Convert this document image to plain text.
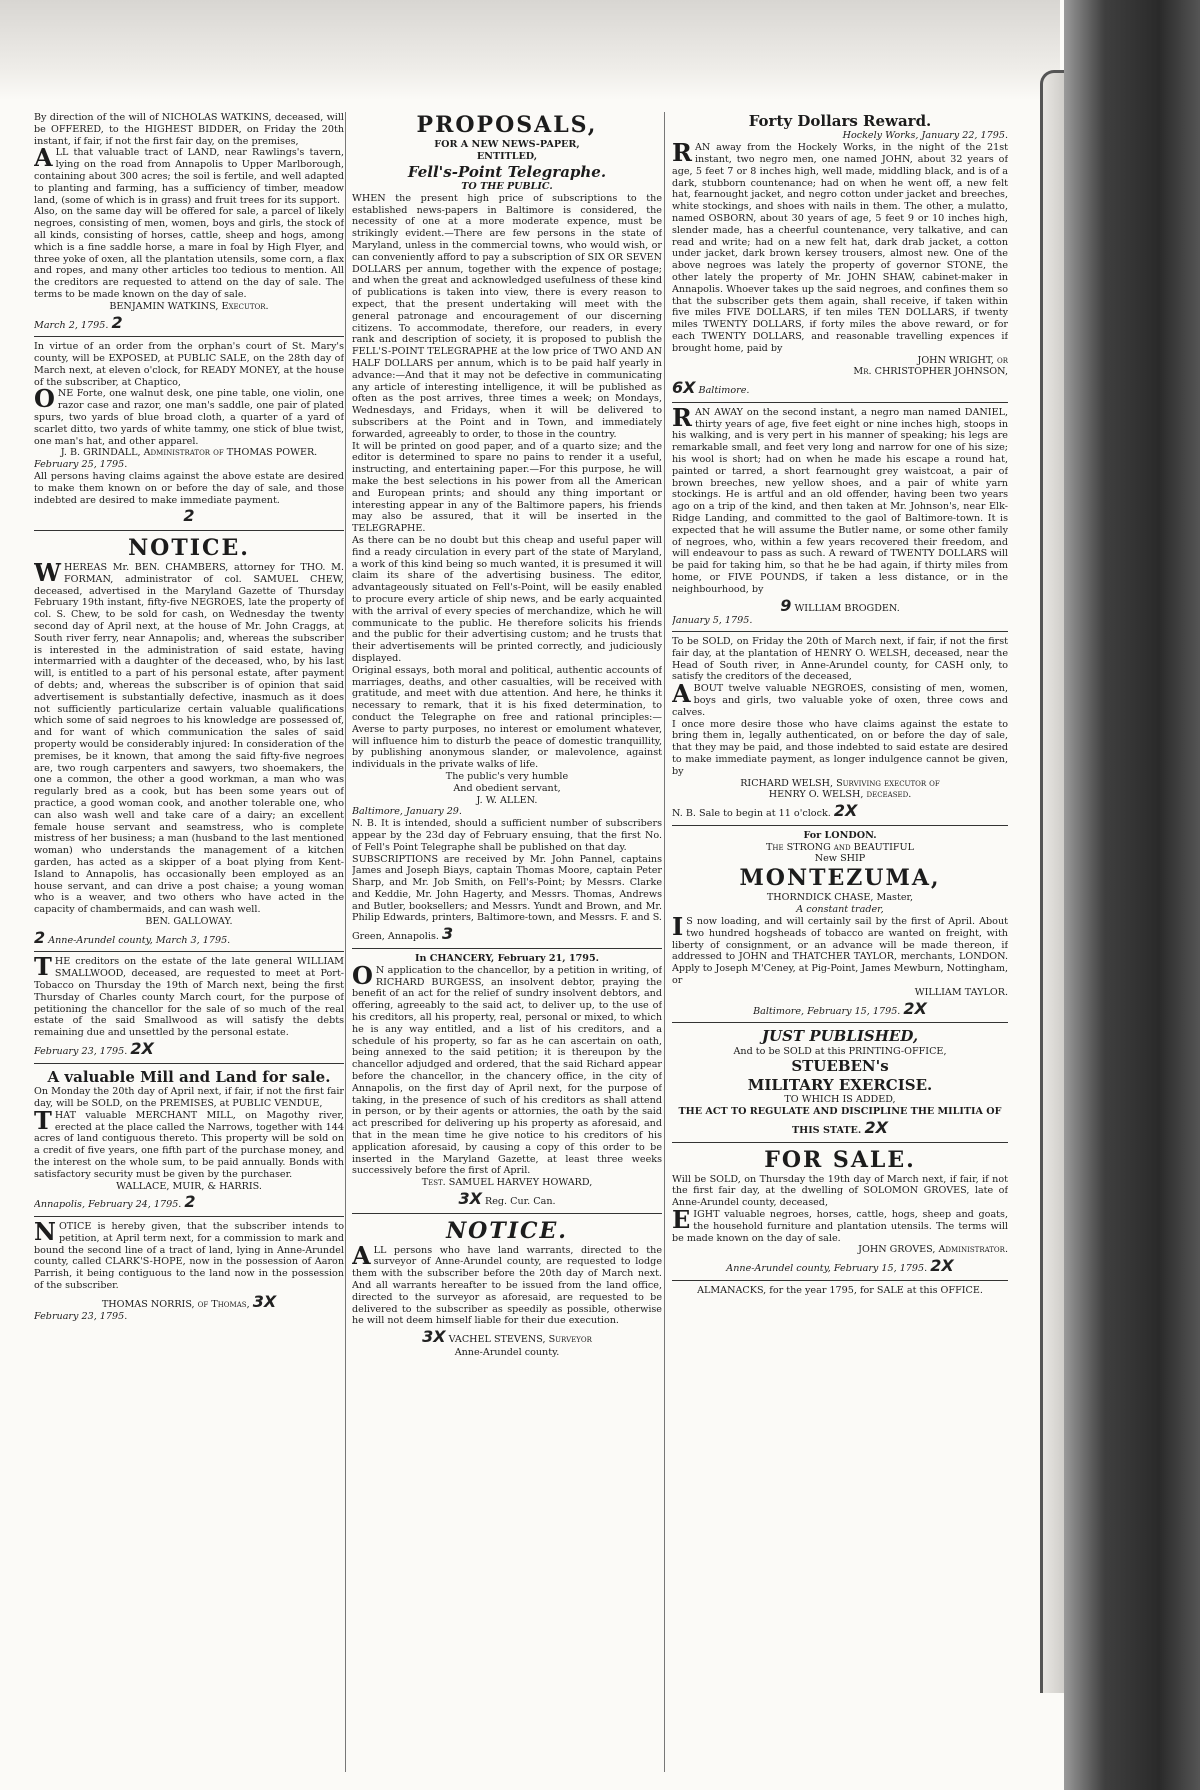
By direction of the will of NICHOLAS WATKINS, deceased, will be OFFERED, to the HIGHEST BIDDER, on Friday the 20th instant, if fair, if not the first fair day, on the premises,

ALL that valuable tract of LAND, near Rawlings's tavern, lying on the road from Annapolis to Upper Marlborough, containing about 300 acres; the soil is fertile, and well adapted to planting and farming, has a sufficiency of timber, meadow land, (some of which is in grass) and fruit trees for its support.

Also, on the same day will be offered for sale, a parcel of likely negroes, consisting of men, women, boys and girls, the stock of all kinds, consisting of horses, cattle, sheep and hogs, among which is a fine saddle horse, a mare in foal by High Flyer, and three yoke of oxen, all the plantation utensils, some corn, a flax and ropes, and many other articles too tedious to mention. All the creditors are requested to attend on the day of sale. The terms to be made known on the day of sale.

BENJAMIN WATKINS, Executor.

March 2, 1795. 2

In virtue of an order from the orphan's court of St. Mary's county, will be EXPOSED, at PUBLIC SALE, on the 28th day of March next, at eleven o'clock, for READY MONEY, at the house of the subscriber, at Chaptico,

ONE Forte, one walnut desk, one pine table, one violin, one razor case and razor, one man's saddle, one pair of plated spurs, two yards of blue broad cloth, a quarter of a yard of scarlet ditto, two yards of white tammy, one stick of blue twist, one man's hat, and other apparel.

J. B. GRINDALL, Administrator of THOMAS POWER.

February 25, 1795.

All persons having claims against the above estate are desired to make them known on or before the day of sale, and those indebted are desired to make immediate payment.

2

NOTICE.

WHEREAS Mr. BEN. CHAMBERS, attorney for THO. M. FORMAN, administrator of col. SAMUEL CHEW, deceased, advertised in the Maryland Gazette of Thursday February 19th instant, fifty-five NEGROES, late the property of col. S. Chew, to be sold for cash, on Wednesday the twenty second day of April next, at the house of Mr. John Craggs, at South river ferry, near Annapolis; and, whereas the subscriber is interested in the administration of said estate, having intermarried with a daughter of the deceased, who, by his last will, is entitled to a part of his personal estate, after payment of debts; and, whereas the subscriber is of opinion that said advertisement is substantially defective, inasmuch as it does not sufficiently particularize certain valuable qualifications which some of said negroes to his knowledge are possessed of, and for want of which communication the sales of said property would be considerably injured: In consideration of the premises, be it known, that among the said fifty-five negroes are, two rough carpenters and sawyers, two shoemakers, the one a common, the other a good workman, a man who was regularly bred as a cook, but has been some years out of practice, a good woman cook, and another tolerable one, who can also wash well and take care of a dairy; an excellent female house servant and seamstress, who is complete mistress of her business; a man (husband to the last mentioned woman) who understands the management of a kitchen garden, has acted as a skipper of a boat plying from Kent-Island to Annapolis, has occasionally been employed as an house servant, and can drive a post chaise; a young woman who is a weaver, and two others who have acted in the capacity of chambermaids, and can wash well.

BEN. GALLOWAY.

2 Anne-Arundel county, March 3, 1795.

THE creditors on the estate of the late general WILLIAM SMALLWOOD, deceased, are requested to meet at Port-Tobacco on Thursday the 19th of March next, being the first Thursday of Charles county March court, for the purpose of petitioning the chancellor for the sale of so much of the real estate of the said Smallwood as will satisfy the debts remaining due and unsettled by the personal estate.

February 23, 1795. 2X

A valuable Mill and Land for sale.

On Monday the 20th day of April next, if fair, if not the first fair day, will be SOLD, on the PREMISES, at PUBLIC VENDUE,

THAT valuable MERCHANT MILL, on Magothy river, erected at the place called the Narrows, together with 144 acres of land contiguous thereto. This property will be sold on a credit of five years, one fifth part of the purchase money, and the interest on the whole sum, to be paid annually. Bonds with satisfactory security must be given by the purchaser.

WALLACE, MUIR, & HARRIS.

Annapolis, February 24, 1795. 2

NOTICE is hereby given, that the subscriber intends to petition, at April term next, for a commission to mark and bound the second line of a tract of land, lying in Anne-Arundel county, called CLARK'S-HOPE, now in the possession of Aaron Parrish, it being contiguous to the land now in the possession of the subscriber.

THOMAS NORRIS, of Thomas, 3X

February 23, 1795.

PROPOSALS,

FOR A NEW NEWS-PAPER,

ENTITLED,

Fell's-Point Telegraphe.

TO THE PUBLIC.

WHEN the present high price of subscriptions to the established news-papers in Baltimore is considered, the necessity of one at a more moderate expence, must be strikingly evident.—There are few persons in the state of Maryland, unless in the commercial towns, who would wish, or can conveniently afford to pay a subscription of SIX OR SEVEN DOLLARS per annum, together with the expence of postage; and when the great and acknowledged usefulness of these kind of publications is taken into view, there is every reason to expect, that the present undertaking will meet with the general patronage and encouragement of our discerning citizens. To accommodate, therefore, our readers, in every rank and description of society, it is proposed to publish the FELL'S-POINT TELEGRAPHE at the low price of TWO AND AN HALF DOLLARS per annum, which is to be paid half yearly in advance:—And that it may not be defective in communicating any article of interesting intelligence, it will be published as often as the post arrives, three times a week; on Mondays, Wednesdays, and Fridays, when it will be delivered to subscribers at the Point and in Town, and immediately forwarded, agreeably to order, to those in the country.

It will be printed on good paper, and of a quarto size; and the editor is determined to spare no pains to render it a useful, instructing, and entertaining paper.—For this purpose, he will make the best selections in his power from all the American and European prints; and should any thing important or interesting appear in any of the Baltimore papers, his friends may also be assured, that it will be inserted in the TELEGRAPHE.

As there can be no doubt but this cheap and useful paper will find a ready circulation in every part of the state of Maryland, a work of this kind being so much wanted, it is presumed it will claim its share of the advertising business. The editor, advantageously situated on Fell's-Point, will be easily enabled to procure every article of ship news, and be early acquainted with the arrival of every species of merchandize, which he will communicate to the public. He therefore solicits his friends and the public for their advertising custom; and he trusts that their advertisements will be printed correctly, and judiciously displayed.

Original essays, both moral and political, authentic accounts of marriages, deaths, and other casualties, will be received with gratitude, and meet with due attention. And here, he thinks it necessary to remark, that it is his fixed determination, to conduct the Telegraphe on free and rational principles:—Averse to party purposes, no interest or emolument whatever, will influence him to disturb the peace of domestic tranquillity, by publishing anonymous slander, or malevolence, against individuals in the private walks of life.

The public's very humble

And obedient servant,

J. W. ALLEN.

Baltimore, January 29.

N. B. It is intended, should a sufficient number of subscribers appear by the 23d day of February ensuing, that the first No. of Fell's Point Telegraphe shall be published on that day.

SUBSCRIPTIONS are received by Mr. John Pannel, captains James and Joseph Biays, captain Thomas Moore, captain Peter Sharp, and Mr. Job Smith, on Fell's-Point; by Messrs. Clarke and Keddie, Mr. John Hagerty, and Messrs. Thomas, Andrews and Butler, booksellers; and Messrs. Yundt and Brown, and Mr. Philip Edwards, printers, Baltimore-town, and Messrs. F. and S. Green, Annapolis. 3

In CHANCERY, February 21, 1795.

O N application to the chancellor, by a petition in writing, of RICHARD BURGESS, an insolvent debtor, praying the benefit of an act for the relief of sundry insolvent debtors, and offering, agreeably to the said act, to deliver up, to the use of his creditors, all his property, real, personal or mixed, to which he is any way entitled, and a list of his creditors, and a schedule of his property, so far as he can ascertain on oath, being annexed to the said petition; it is thereupon by the chancellor adjudged and ordered, that the said Richard appear before the chancellor, in the chancery office, in the city of Annapolis, on the first day of April next, for the purpose of taking, in the presence of such of his creditors as shall attend in person, or by their agents or attornies, the oath by the said act prescribed for delivering up his property as aforesaid, and that in the mean time he give notice to his creditors of his application aforesaid, by causing a copy of this order to be inserted in the Maryland Gazette, at least three weeks successively before the first of April.

Test. SAMUEL HARVEY HOWARD,

3X Reg. Cur. Can.

NOTICE.

ALL persons who have land warrants, directed to the surveyor of Anne-Arundel county, are requested to lodge them with the subscriber before the 20th day of March next. And all warrants hereafter to be issued from the land office, directed to the surveyor as aforesaid, are requested to be delivered to the subscriber as speedily as possible, otherwise he will not deem himself liable for their due execution.

3X VACHEL STEVENS, Surveyor

Anne-Arundel county.

Forty Dollars Reward.

Hockely Works, January 22, 1795.

RAN away from the Hockely Works, in the night of the 21st instant, two negro men, one named JOHN, about 32 years of age, 5 feet 7 or 8 inches high, well made, middling black, and is of a dark, stubborn countenance; had on when he went off, a new felt hat, fearnought jacket, and negro cotton under jacket and breeches, white stockings, and shoes with nails in them. The other, a mulatto, named OSBORN, about 30 years of age, 5 feet 9 or 10 inches high, slender made, has a cheerful countenance, very talkative, and can read and write; had on a new felt hat, dark drab jacket, a cotton under jacket, dark brown kersey trousers, almost new. One of the above negroes was lately the property of governor STONE, the other lately the property of Mr. JOHN SHAW, cabinet-maker in Annapolis. Whoever takes up the said negroes, and confines them so that the subscriber gets them again, shall receive, if taken within five miles FIVE DOLLARS, if ten miles TEN DOLLARS, if twenty miles TWENTY DOLLARS, if forty miles the above reward, or for each TWENTY DOLLARS, and reasonable travelling expences if brought home, paid by

JOHN WRIGHT, or

Mr. CHRISTOPHER JOHNSON,

6X Baltimore.

RAN AWAY on the second instant, a negro man named DANIEL, thirty years of age, five feet eight or nine inches high, stoops in his walking, and is very pert in his manner of speaking; his legs are remarkable small, and feet very long and narrow for one of his size; his wool is short; had on when he made his escape a round hat, painted or tarred, a short fearnought grey waistcoat, a pair of brown breeches, new yellow shoes, and a pair of white yarn stockings. He is artful and an old offender, having been two years ago on a trip of the kind, and then taken at Mr. Johnson's, near Elk-Ridge Landing, and committed to the gaol of Baltimore-town. It is expected that he will assume the Butler name, or some other family of negroes, who, within a few years recovered their freedom, and will endeavour to pass as such. A reward of TWENTY DOLLARS will be paid for taking him, so that he be had again, if thirty miles from home, or FIVE POUNDS, if taken a less distance, or in the neighbourhood, by

9 WILLIAM BROGDEN.

January 5, 1795.

To be SOLD, on Friday the 20th of March next, if fair, if not the first fair day, at the plantation of HENRY O. WELSH, deceased, near the Head of South river, in Anne-Arundel county, for CASH only, to satisfy the creditors of the deceased,

ABOUT twelve valuable NEGROES, consisting of men, women, boys and girls, two valuable yoke of oxen, three cows and calves.

I once more desire those who have claims against the estate to bring them in, legally authenticated, on or before the day of sale, that they may be paid, and those indebted to said estate are desired to make immediate payment, as longer indulgence cannot be given, by

RICHARD WELSH, Surviving executor of

HENRY O. WELSH, deceased.

N. B. Sale to begin at 11 o'clock. 2X

For LONDON.

The STRONG and BEAUTIFUL

New SHIP

MONTEZUMA,

THORNDICK CHASE, Master,

A constant trader,

I S now loading, and will certainly sail by the first of April. About two hundred hogsheads of tobacco are wanted on freight, with liberty of consignment, or an advance will be made thereon, if addressed to JOHN and THATCHER TAYLOR, merchants, LONDON. Apply to Joseph M'Ceney, at Pig-Point, James Mewburn, Nottingham, or

WILLIAM TAYLOR.

Baltimore, February 15, 1795. 2X

JUST PUBLISHED,

And to be SOLD at this PRINTING-OFFICE,

STUEBEN's

MILITARY EXERCISE.

TO WHICH IS ADDED,

THE ACT TO REGULATE AND DISCIPLINE THE MILITIA OF THIS STATE. 2X

FOR SALE.

Will be SOLD, on Thursday the 19th day of March next, if fair, if not the first fair day, at the dwelling of SOLOMON GROVES, late of Anne-Arundel county, deceased,

EIGHT valuable negroes, horses, cattle, hogs, sheep and goats, the household furniture and plantation utensils. The terms will be made known on the day of sale.

JOHN GROVES, Administrator.

Anne-Arundel county, February 15, 1795. 2X

ALMANACKS, for the year 1795, for SALE at this OFFICE.
